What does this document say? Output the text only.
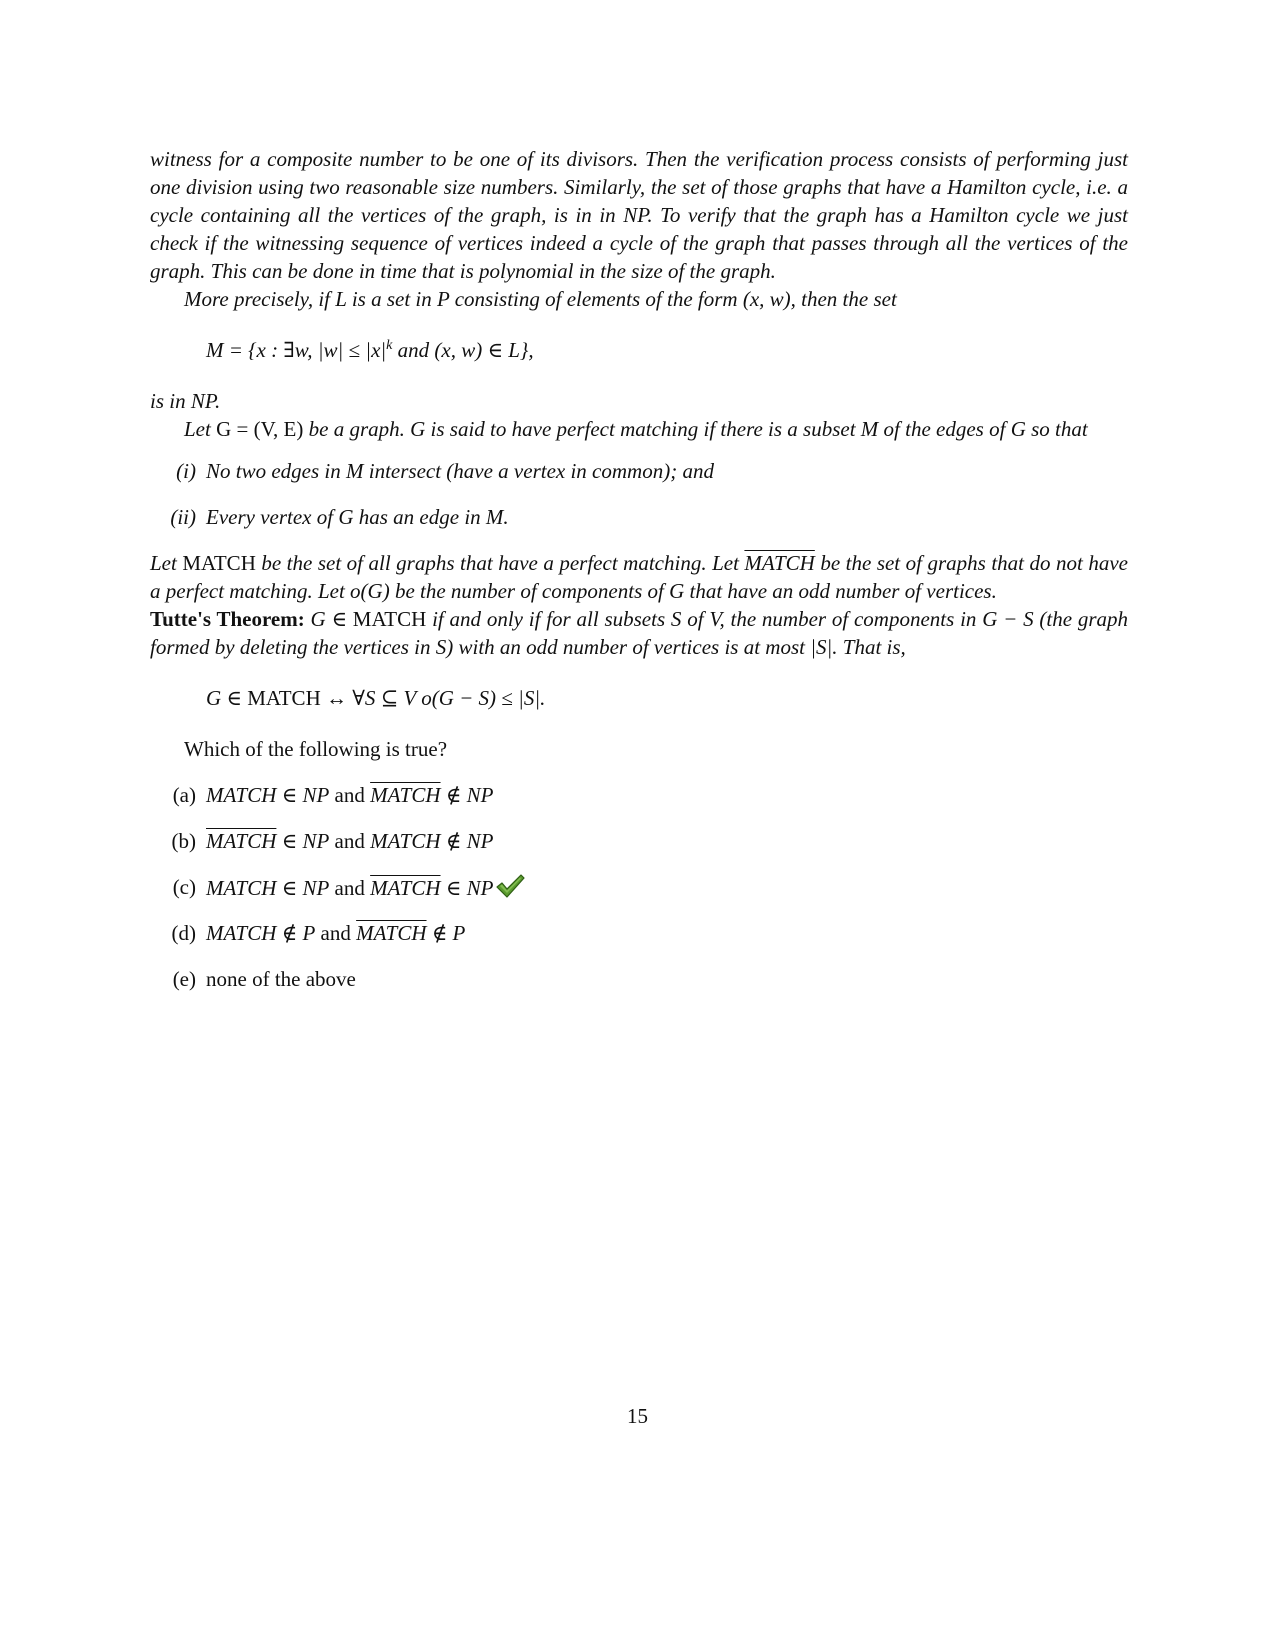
witness for a composite number to be one of its divisors. Then the verification process consists of performing just one division using two reasonable size numbers. Similarly, the set of those graphs that have a Hamilton cycle, i.e. a cycle containing all the vertices of the graph, is in in NP. To verify that the graph has a Hamilton cycle we just check if the witnessing sequence of vertices indeed a cycle of the graph that passes through all the vertices of the graph. This can be done in time that is polynomial in the size of the graph.

More precisely, if L is a set in P consisting of elements of the form (x, w), then the set

M = {x : ∃w, $|w| \le |x|^k$ and (x, w) ∈ L},

is in NP.

Let G = (V, E) be a graph. G is said to have perfect matching if there is a subset M of the edges of G so that

(i) No two edges in M intersect (have a vertex in common); and
(ii) Every vertex of G has an edge in M.

Let MATCH be the set of all graphs that have a perfect matching. Let MATCH be the set of graphs that do not have a perfect matching. Let o(G) be the number of components of G that have an odd number of vertices.

Tutte's Theorem: G ∈ MATCH if and only if for all subsets S of V, the number of components in G − S (the graph formed by deleting the vertices in S) with an odd number of vertices is at most |S|. That is,

G ∈ MATCH ↔ ∀S ⊆ V o(G − S) ≤ |S|.

Which of the following is true?

(a) MATCH ∈ NP and MATCH ∉ NP
(b) MATCH ∈ NP and MATCH ∉ NP
(c) MATCH ∈ NP and MATCH ∈ NP
(d) MATCH ∉ P and MATCH ∉ P
(e) none of the above
15
